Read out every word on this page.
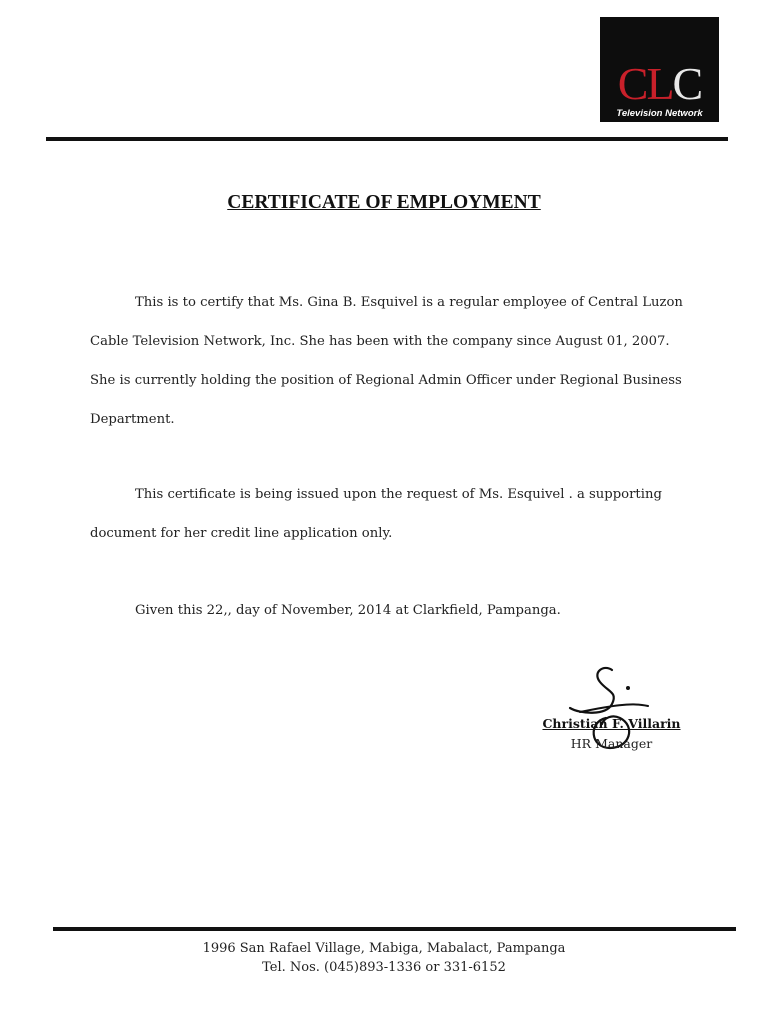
CLC
Television Network
CERTIFICATE OF EMPLOYMENT

This is to certify that Ms. Gina B. Esquivel is a regular employee of Central Luzon Cable Television Network, Inc. She has been with the company since August 01, 2007. She is currently holding the position of Regional Admin Officer under Regional Business Department.

This certificate is being issued upon the request of Ms. Esquivel . a supporting document for her credit line application only.

Given this 22,, day of November, 2014 at Clarkfield, Pampanga.

Christian F. Villarin
HR Manager
1996 San Rafael Village, Mabiga, Mabalact, Pampanga
Tel. Nos. (045)893-1336 or 331-6152
